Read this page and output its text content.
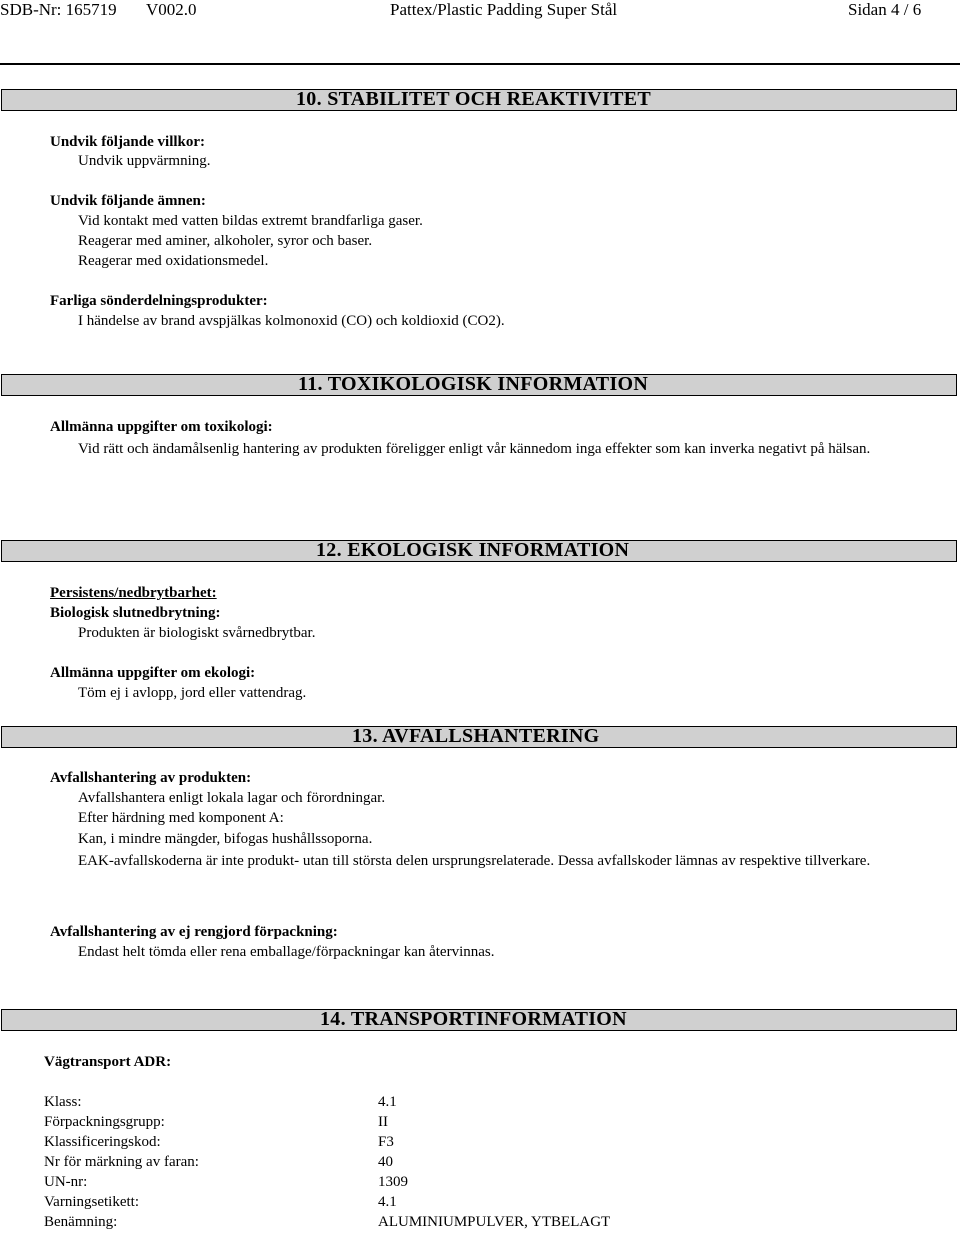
SDB-Nr: 165719 V002.0	Pattex/Plastic Padding Super Stål	Sidan 4 / 6
10. STABILITET OCH REAKTIVITET
Undvik följande villkor:
Undvik uppvärmning.
Undvik följande ämnen:
Vid kontakt med vatten bildas extremt brandfarliga gaser.
Reagerar med aminer, alkoholer, syror och baser.
Reagerar med oxidationsmedel.
Farliga sönderdelningsprodukter:
I händelse av brand avspjälkas kolmonoxid (CO) och koldioxid (CO2).
11. TOXIKOLOGISK INFORMATION
Allmänna uppgifter om toxikologi:
Vid rätt och ändamålsenlig hantering av produkten föreligger enligt vår kännedom inga effekter som kan inverka negativt på hälsan.
12. EKOLOGISK INFORMATION
Persistens/nedbrytbarhet:
Biologisk slutnedbrytning:
Produkten är biologiskt svårnedbrytbar.
Allmänna uppgifter om ekologi:
Töm ej i avlopp, jord eller vattendrag.
13. AVFALLSHANTERING
Avfallshantering av produkten:
Avfallshantera enligt lokala lagar och förordningar.
Efter härdning med komponent A:
Kan, i mindre mängder, bifogas hushållssoporna.
EAK-avfallskoderna är inte produkt- utan till största delen ursprungsrelaterade. Dessa avfallskoder lämnas av respektive tillverkare.
Avfallshantering av ej rengjord förpackning:
Endast helt tömda eller rena emballage/förpackningar kan återvinnas.
14. TRANSPORTINFORMATION
Vägtransport ADR:
Klass:	4.1
Förpackningsgrupp:	II
Klassificeringskod:	F3
Nr för märkning av faran:	40
UN-nr:	1309
Varningsetikett:	4.1
Benämning:	ALUMINIUMPULVER, YTBELAGT
